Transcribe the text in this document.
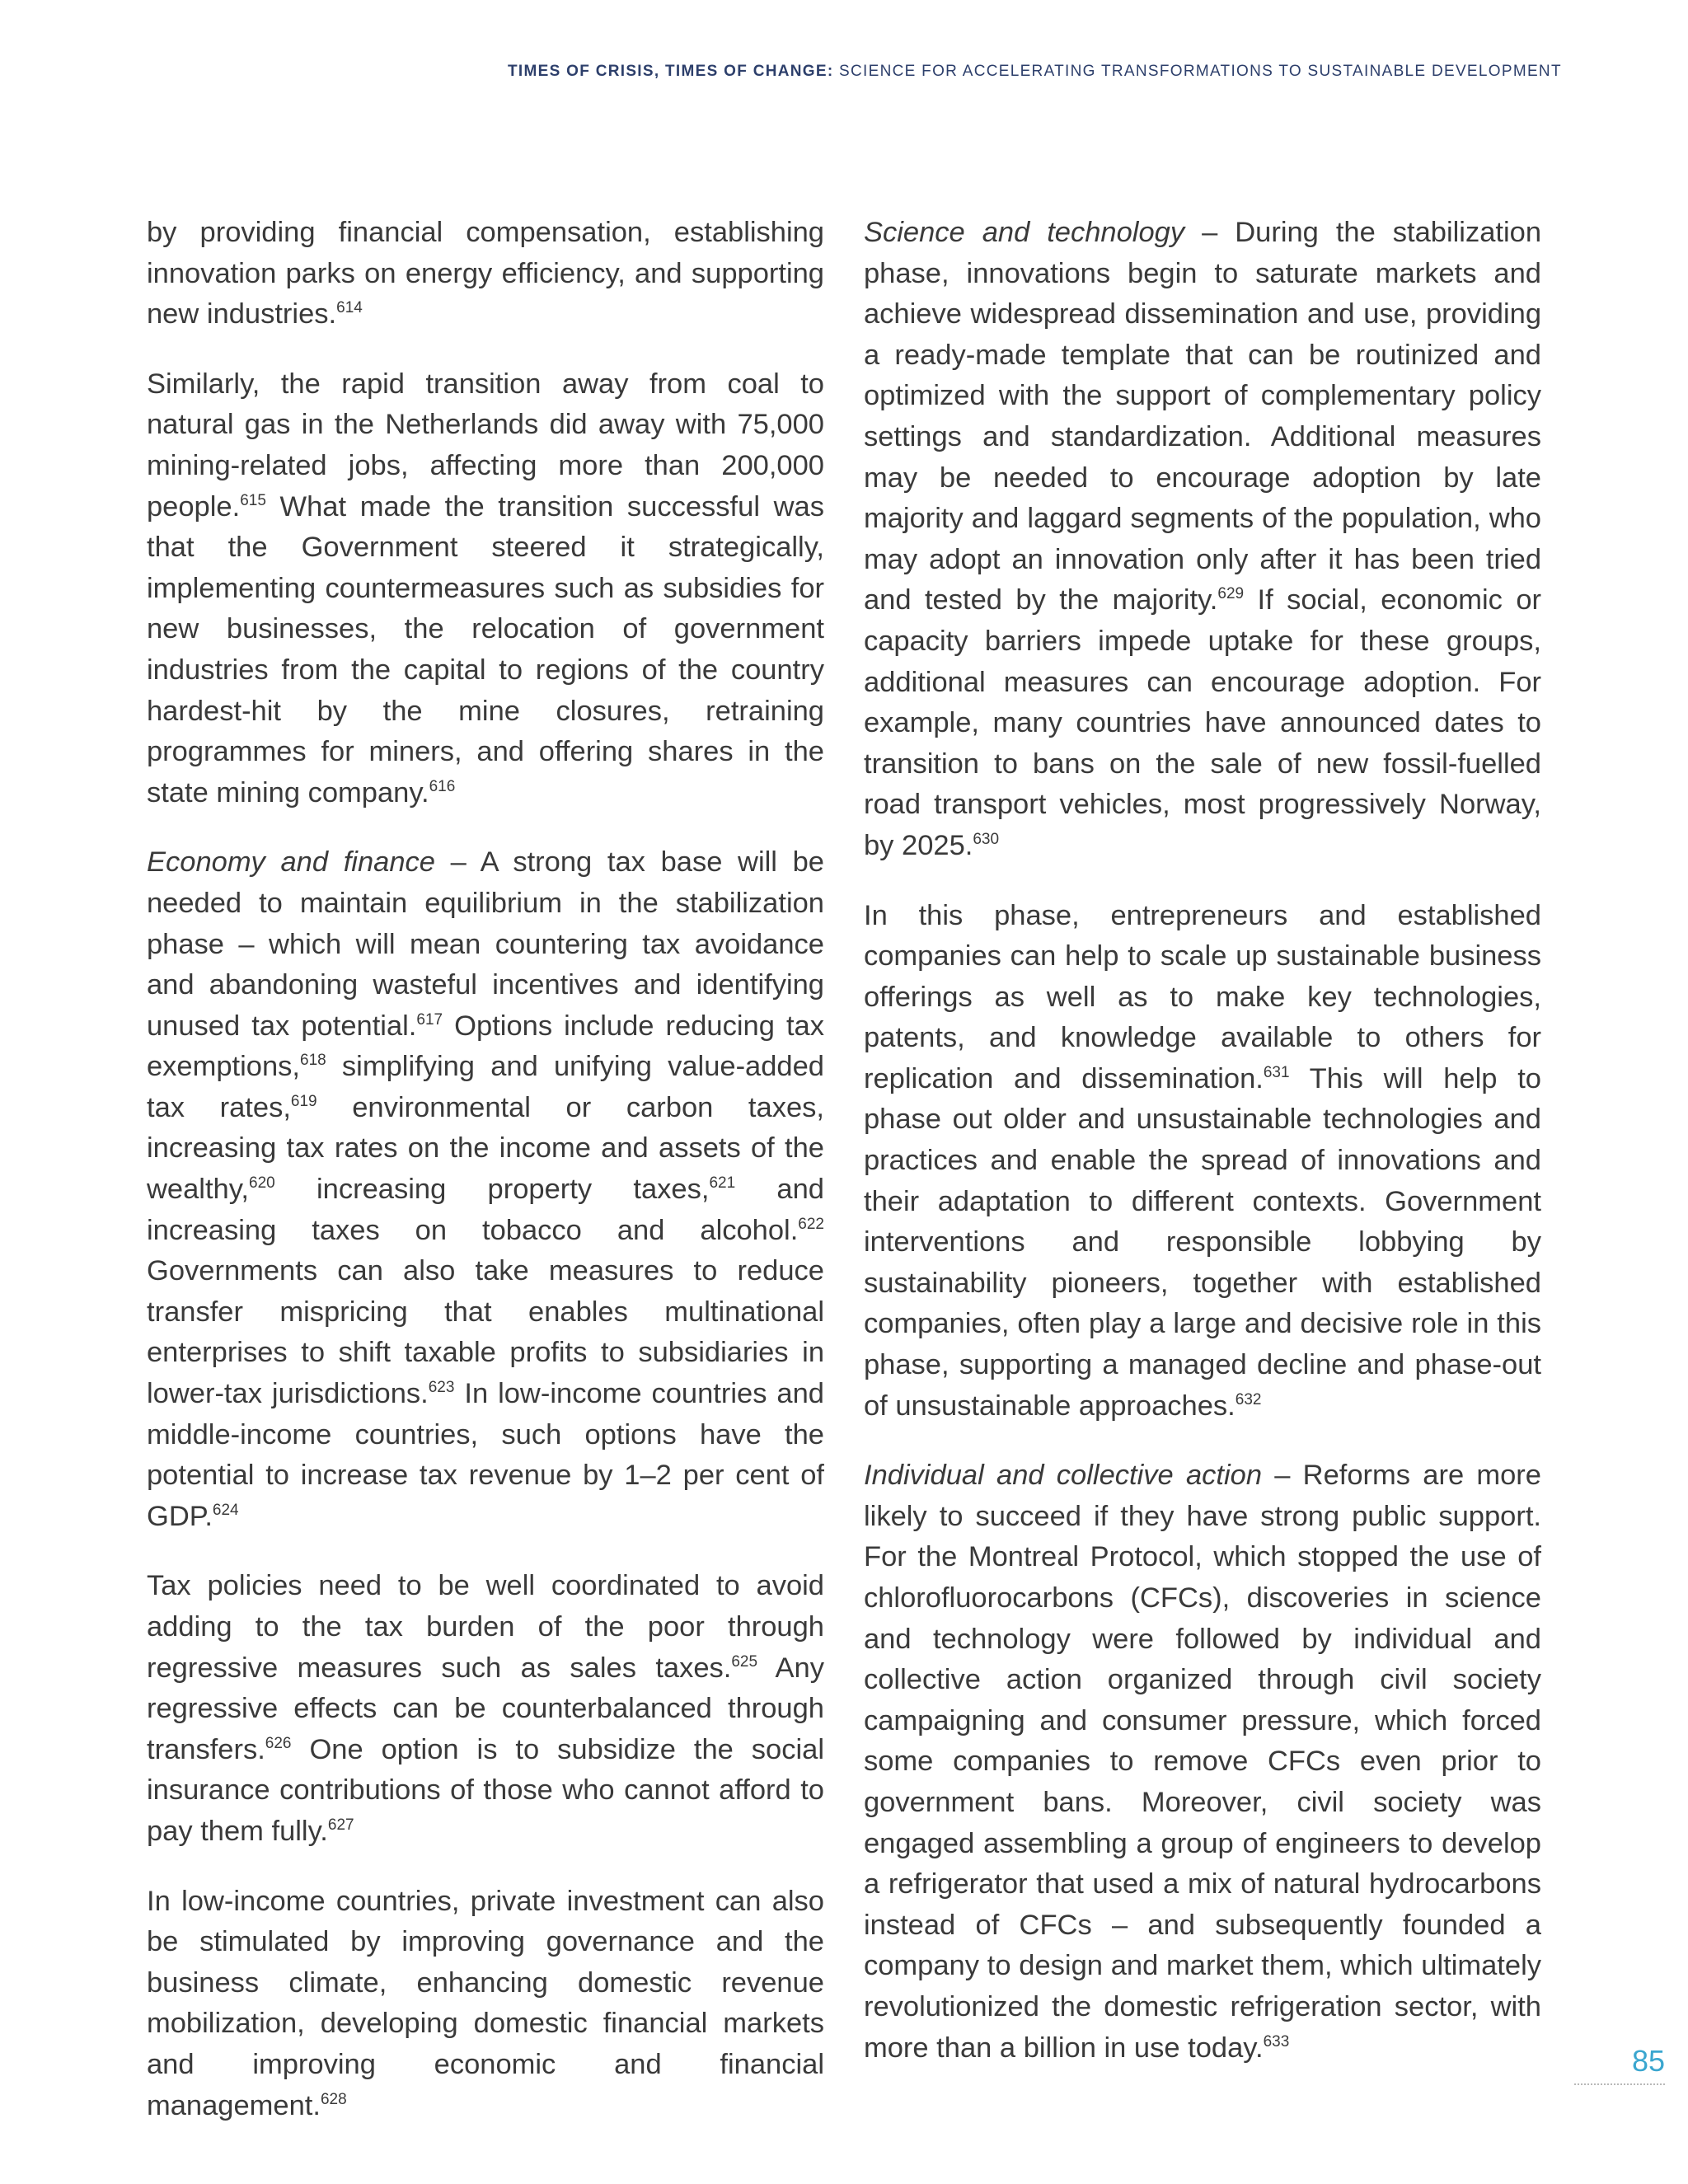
TIMES OF CRISIS, TIMES OF CHANGE: SCIENCE FOR ACCELERATING TRANSFORMATIONS TO SUSTAINABLE DEVELOPMENT

by providing financial compensation, establishing innovation parks on energy efficiency, and supporting new industries.$^{614}$

Similarly, the rapid transition away from coal to natural gas in the Netherlands did away with 75,000 mining-related jobs, affecting more than 200,000 people.$^{615}$ What made the transition successful was that the Government steered it strategically, implementing countermeasures such as subsidies for new businesses, the relocation of government industries from the capital to regions of the country hardest-hit by the mine closures, retraining programmes for miners, and offering shares in the state mining company.$^{616}$

Economy and finance – A strong tax base will be needed to maintain equilibrium in the stabilization phase – which will mean countering tax avoidance and abandoning wasteful incentives and identifying unused tax potential.$^{617}$ Options include reducing tax exemptions,$^{618}$ simplifying and unifying value-added tax rates,$^{619}$ environmental or carbon taxes, increasing tax rates on the income and assets of the wealthy,$^{620}$ increasing property taxes,$^{621}$ and increasing taxes on tobacco and alcohol.$^{622}$ Governments can also take measures to reduce transfer mispricing that enables multinational enterprises to shift taxable profits to subsidiaries in lower-tax jurisdictions.$^{623}$ In low-income countries and middle-income countries, such options have the potential to increase tax revenue by 1–2 per cent of GDP.$^{624}$

Tax policies need to be well coordinated to avoid adding to the tax burden of the poor through regressive measures such as sales taxes.$^{625}$ Any regressive effects can be counterbalanced through transfers.$^{626}$ One option is to subsidize the social insurance contributions of those who cannot afford to pay them fully.$^{627}$

In low-income countries, private investment can also be stimulated by improving governance and the business climate, enhancing domestic revenue mobilization, developing domestic financial markets and improving economic and financial management.$^{628}$

Science and technology – During the stabilization phase, innovations begin to saturate markets and achieve widespread dissemination and use, providing a ready-made template that can be routinized and optimized with the support of complementary policy settings and standardization. Additional measures may be needed to encourage adoption by late majority and laggard segments of the population, who may adopt an innovation only after it has been tried and tested by the majority.$^{629}$ If social, economic or capacity barriers impede uptake for these groups, additional measures can encourage adoption. For example, many countries have announced dates to transition to bans on the sale of new fossil-fuelled road transport vehicles, most progressively Norway, by 2025.$^{630}$

In this phase, entrepreneurs and established companies can help to scale up sustainable business offerings as well as to make key technologies, patents, and knowledge available to others for replication and dissemination.$^{631}$ This will help to phase out older and unsustainable technologies and practices and enable the spread of innovations and their adaptation to different contexts. Government interventions and responsible lobbying by sustainability pioneers, together with established companies, often play a large and decisive role in this phase, supporting a managed decline and phase-out of unsustainable approaches.$^{632}$

Individual and collective action – Reforms are more likely to succeed if they have strong public support. For the Montreal Protocol, which stopped the use of chlorofluorocarbons (CFCs), discoveries in science and technology were followed by individual and collective action organized through civil society campaigning and consumer pressure, which forced some companies to remove CFCs even prior to government bans. Moreover, civil society was engaged assembling a group of engineers to develop a refrigerator that used a mix of natural hydrocarbons instead of CFCs – and subsequently founded a company to design and market them, which ultimately revolutionized the domestic refrigeration sector, with more than a billion in use today.$^{633}$

85
